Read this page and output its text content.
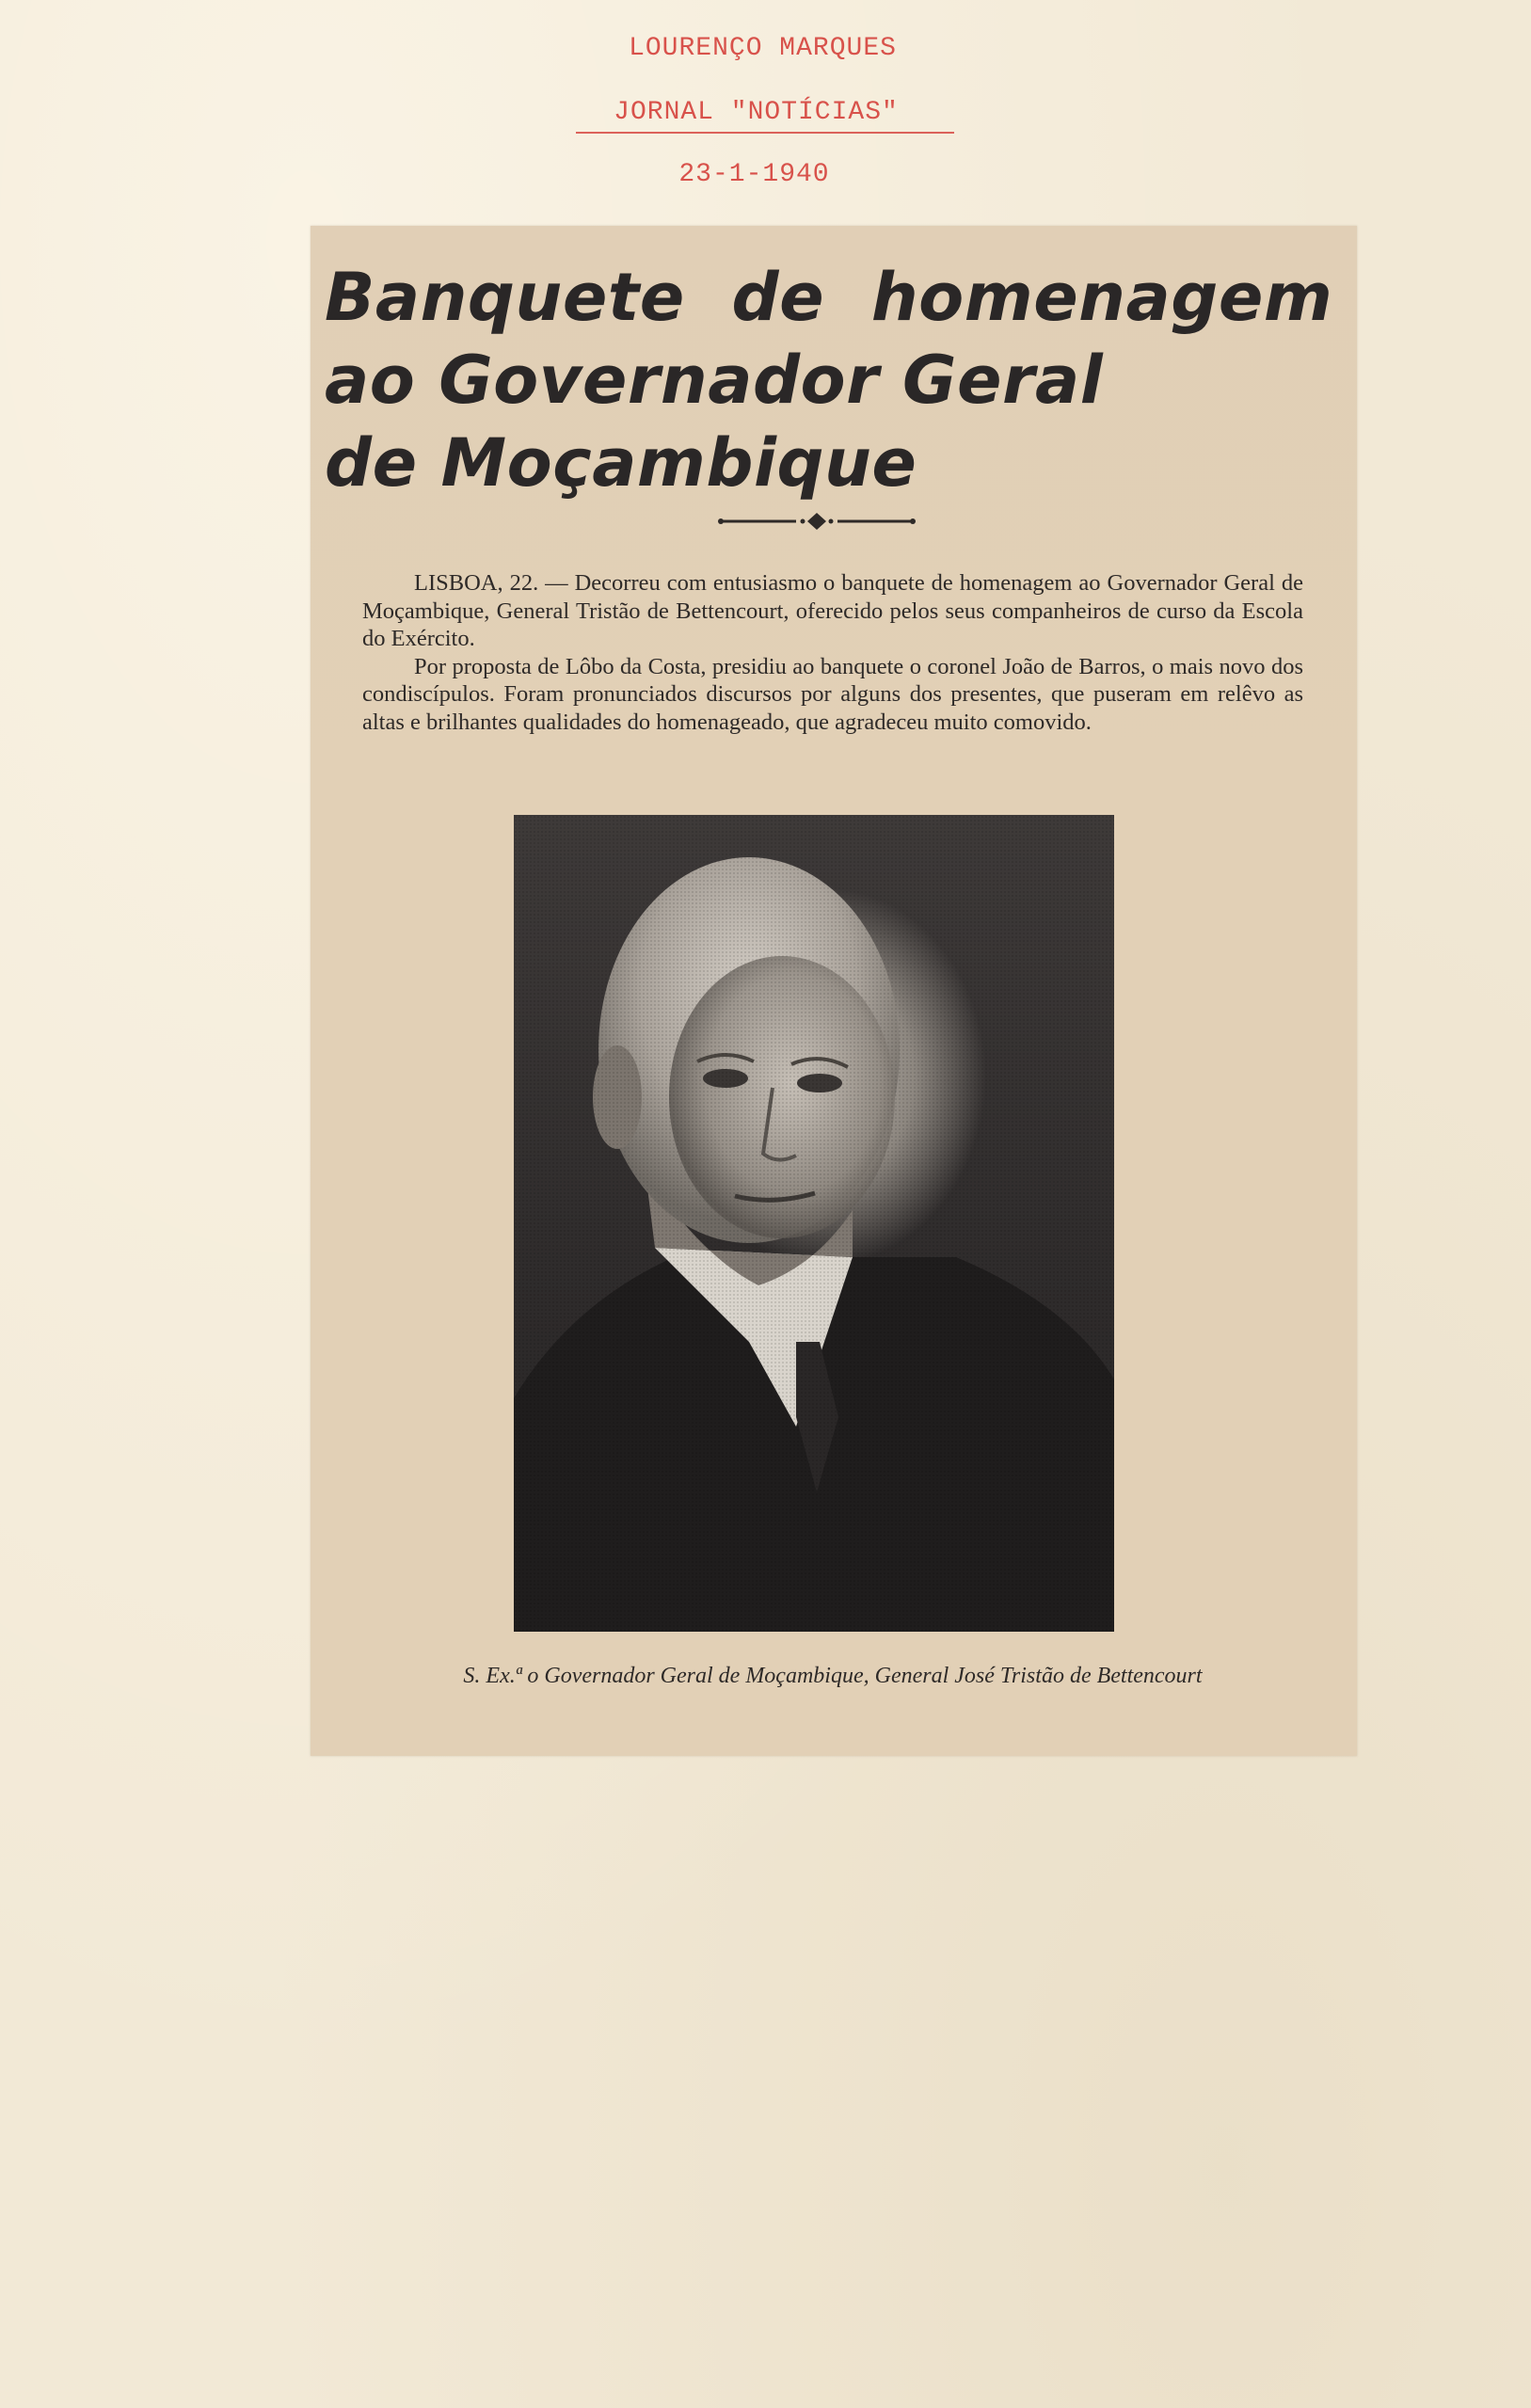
LOURENÇO MARQUES
JORNAL "NOTÍCIAS"
23-1-1940
Banquete  de  homenagem
ao Governador Geral
de Moçambique

LISBOA, 22. — Decorreu com entusiasmo o banquete de homenagem ao Governador Geral de Moçambique, General Tristão de Bettencourt, oferecido pelos seus companheiros de curso da Escola do Exército.

Por proposta de Lôbo da Costa, presidiu ao banquete o coronel João de Barros, o mais novo dos condiscípulos. Foram pronunciados discursos por alguns dos presentes, que puseram em relêvo as altas e brilhantes qualidades do homenageado, que agradeceu muito comovido.

S. Ex.ª o Governador Geral de Moçambique, General José Tristão de Bettencourt
